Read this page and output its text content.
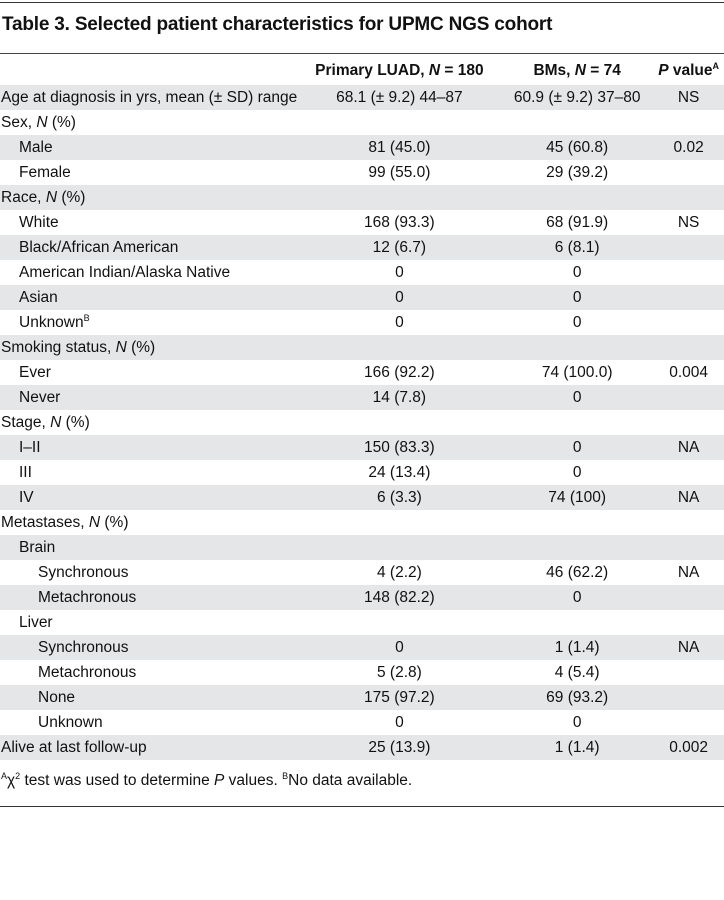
Table 3. Selected patient characteristics for UPMC NGS cohort
	Primary LUAD, N = 180	BMs, N = 74	P value$^A$
Age at diagnosis in yrs, mean (± SD) range	68.1 (± 9.2) 44–87	60.9 (± 9.2) 37–80	NS
Sex, N (%)			
Male	81 (45.0)	45 (60.8)	0.02
Female	99 (55.0)	29 (39.2)	
Race, N (%)			
White	168 (93.3)	68 (91.9)	NS
Black/African American	12 (6.7)	6 (8.1)	
American Indian/Alaska Native	0	0	
Asian	0	0	
Unknown$^B$	0	0	
Smoking status, N (%)			
Ever	166 (92.2)	74 (100.0)	0.004
Never	14 (7.8)	0	
Stage, N (%)			
I–II	150 (83.3)	0	NA
III	24 (13.4)	0	
IV	6 (3.3)	74 (100)	NA
Metastases, N (%)			
Brain			
Synchronous	4 (2.2)	46 (62.2)	NA
Metachronous	148 (82.2)	0	
Liver			
Synchronous	0	1 (1.4)	NA
Metachronous	5 (2.8)	4 (5.4)	
None	175 (97.2)	69 (93.2)	
Unknown	0	0	
Alive at last follow-up	25 (13.9)	1 (1.4)	0.002
$^A\chi^2$ test was used to determine P values. $^B$No data available.
